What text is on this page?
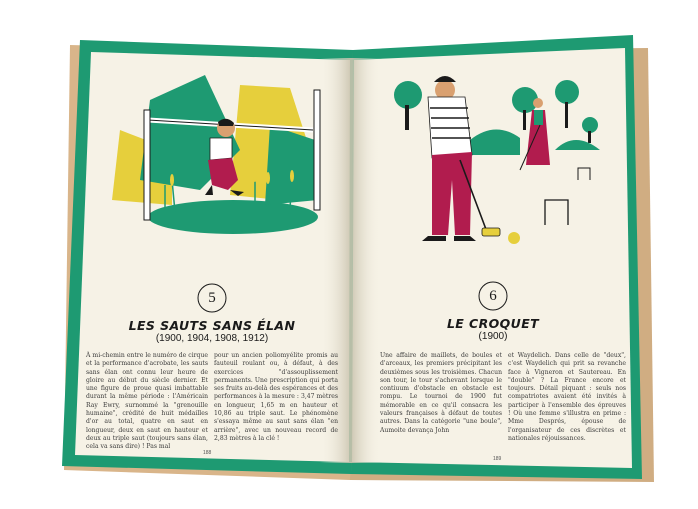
5
LES SAUTS SANS ÉLAN
(1900, 1904, 1908, 1912)
À mi-chemin entre le numéro de cirque et la performance d'acrobate, les sauts sans élan ont connu leur heure de gloire au début du siècle dernier. Et une figure de proue quasi imbattable durant la même période : l'Américain Ray Ewry, surnommé la "grenouille humaine", crédité de huit médailles d'or au total, quatre en saut en longueur, deux en saut en hauteur et deux au triple saut (toujours sans élan, cela va sans dire) ! Pas mal
pour un ancien poliomyélite promis au fauteuil roulant ou, à défaut, à des exercices "d'assouplissement permanents. Une prescription qui porta ses fruits au-delà des espérances et des performances à la mesure : 3,47 mètres en longueur, 1,65 m en hauteur et 10,86 au triple saut. Le phénomène s'essaya même au saut sans élan "en arrière", avec un nouveau record de 2,83 mètres à la clé !
188
6
LE CROQUET
(1900)
Une affaire de maillets, de boules et d'arceaux, les premiers précipitant les deuxièmes sous les troisièmes. Chacun son tour, le tour s'achevant lorsque le contiuum d'obstacle en obstacle est rompu. Le tournoi de 1900 fut mémorable en ce qu'il consacra les valeurs françaises à défaut de toutes autres. Dans la catégorie "une boule", Aumoite devança John
et Waydelich. Dans celle de "deux", c'est Waydelich qui prit sa revanche face à Vigneron et Sautereau. En "double" ? La France encore et toujours. Détail piquant : seuls nos compatriotes avaient été invités à participer à l'ensemble des épreuves ! Où une femme s'illustra en prime : Mme Després, épouse de l'organisateur de ces discrètes et nationales réjouissances.
189
